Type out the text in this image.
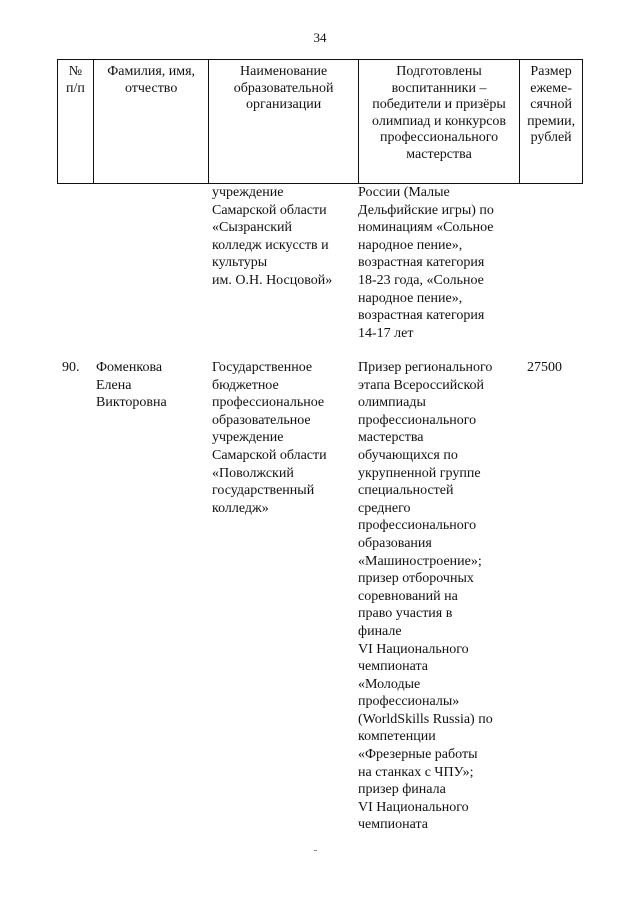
34
№
п/п
Фамилия, имя,
отчество
Наименование
образовательной
организации
Подготовлены
воспитанники –
победители и призёры
олимпиад и конкурсов
профессионального
мастерства
Размер
ежеме-
сячной
премии,
рублей
учреждение
Самарской области
«Сызранский
колледж искусств и
культуры
им. О.Н. Носцовой»
России (Малые
Дельфийские игры) по
номинациям «Сольное
народное пение»,
возрастная категория
18-23 года, «Сольное
народное пение»,
возрастная категория
14-17 лет
90. Фоменкова
Елена
Викторовна
Государственное
бюджетное
профессиональное
образовательное
учреждение
Самарской области
«Поволжский
государственный
колледж»
Призер регионального
этапа Всероссийской
олимпиады
профессионального
мастерства
обучающихся по
укрупненной группе
специальностей
среднего
профессионального
образования
«Машиностроение»;
призер отборочных
соревнований на
право участия в
финале
VI Национального
чемпионата
«Молодые
профессионалы»
(WorldSkills Russia) по
компетенции
«Фрезерные работы
на станках с ЧПУ»;
призер финала
VI Национального
чемпионата
27500
